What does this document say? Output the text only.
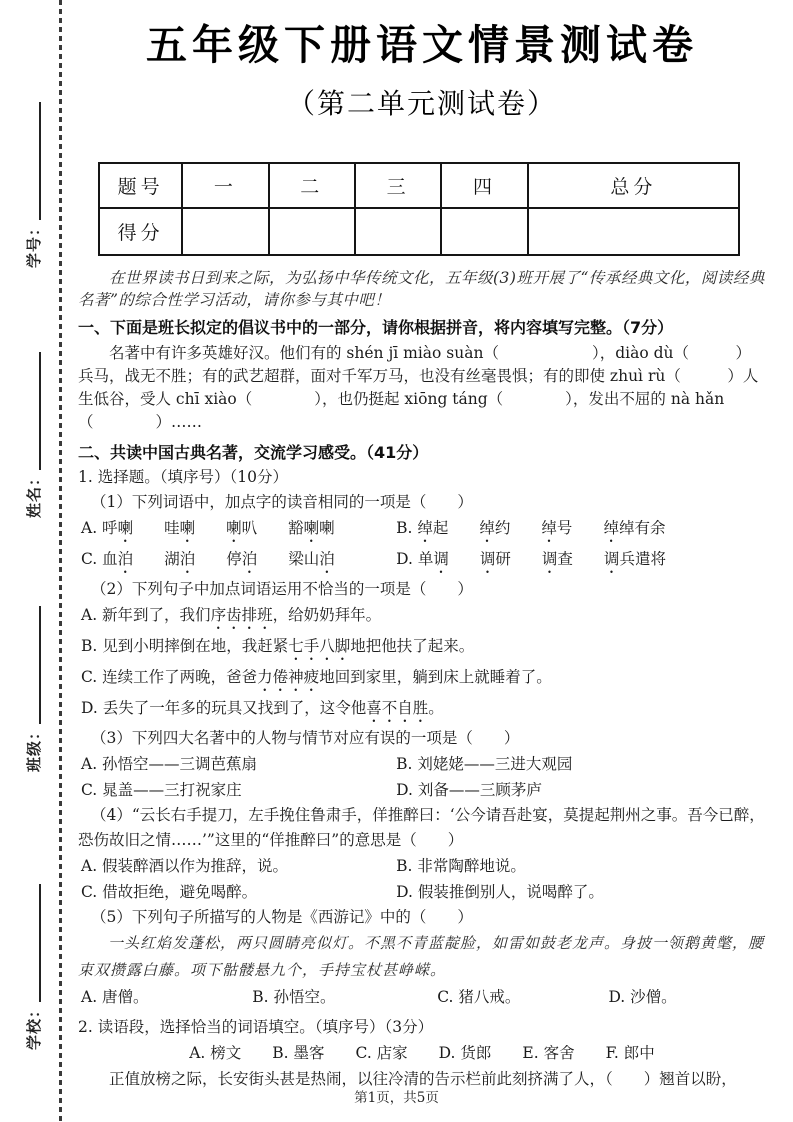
学号：
姓名：
班级：
学校：
五年级下册语文情景测试卷
（第二单元测试卷）
题号	一	二	三	四	总分
得分					
在世界读书日到来之际，为弘扬中华传统文化，五年级(3)班开展了“传承经典文化，阅读经典名著”的综合性学习活动，请你参与其中吧！
一、下面是班长拟定的倡议书中的一部分，请你根据拼音，将内容填写完整。（7分）
名著中有许多英雄好汉。他们有的 shén jī miào suàn（　　　　　　），diào dù（　　　）兵马，战无不胜；有的武艺超群，面对千军万马，也没有丝毫畏惧；有的即使 zhuì rù（　　　）人生低谷，受人 chī xiào（　　　　），也仍挺起 xiōng táng（　　　　），发出不屈的 nà hǎn（　　　　）……
二、共读中国古典名著，交流学习感受。（41分）
1. 选择题。（填序号）（10分）
（1）下列词语中，加点字的读音相同的一项是（　　）
A. 呼喇　　哇喇　　 喇叭　　豁喇喇	B. 绰起　　绰约　　绰号　　绰绰有余
C. 血泊　　湖泊　　停泊　　梁山泊	D. 单调　　 调研　　调查　　调兵遣将
（2）下列句子中加点词语运用不恰当的一项是（　　）
A. 新年到了，我们序齿排班，给奶奶拜年。
B. 见到小明摔倒在地，我赶紧七手八脚地把他扶了起来。
C. 连续工作了两晚，爸爸力倦神疲地回到家里，躺到床上就睡着了。
D. 丢失了一年多的玩具又找到了，这令他喜不自胜。
（3）下列四大名著中的人物与情节对应有误的一项是（　　）
A. 孙悟空——三调芭蕉扇	B. 刘姥姥——三进大观园
C. 晁盖——三打祝家庄	D. 刘备——三顾茅庐
（4）“云长右手提刀，左手挽住鲁肃手，佯推醉曰：‘公今请吾赴宴，莫提起荆州之事。吾今已醉，恐伤故旧之情……’”这里的“佯推醉曰”的意思是（　　）
A. 假装醉酒以作为推辞，说。	B. 非常陶醉地说。
C. 借故拒绝，避免喝醉。	D. 假装推倒别人，说喝醉了。
（5）下列句子所描写的人物是《西游记》中的（　　）
一头红焰发蓬松，两只圆睛亮似灯。不黑不青蓝靛脸，如雷如鼓老龙声。身披一领鹅黄氅，腰束双攒露白藤。项下骷髅悬九个，手持宝杖甚峥嵘。
A. 唐僧。	B. 孙悟空。	C. 猪八戒。	D. 沙僧。
2. 读语段，选择恰当的词语填空。（填序号）（3分）
A. 榜文　　B. 墨客　　C. 店家　　D. 货郎　　E. 客舍　　F. 郎中
正值放榜之际，长安街头甚是热闹，以往冷清的告示栏前此刻挤满了人，（　　）翘首以盼，
第1页，共5页
